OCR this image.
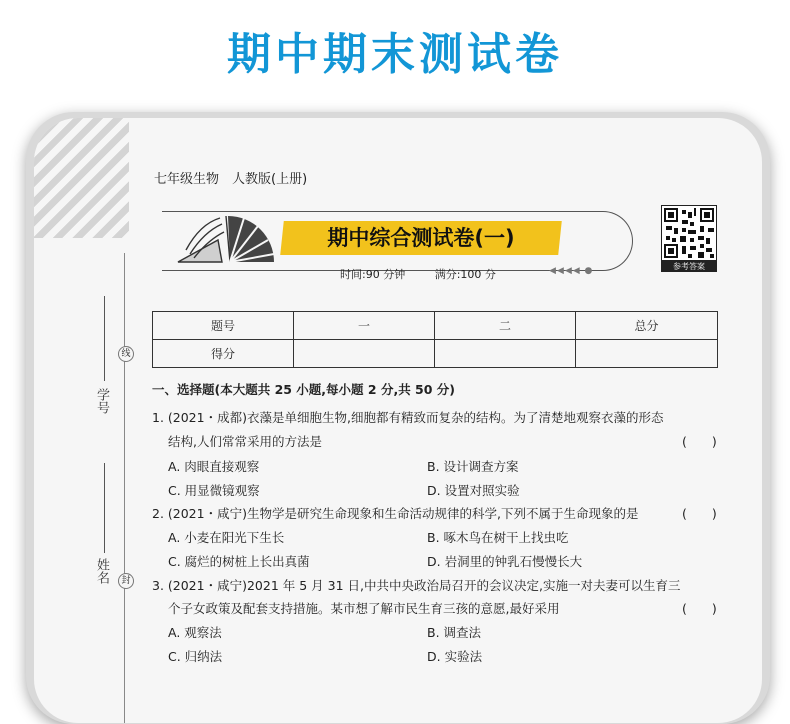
期中期末测试卷
线
封
学号
姓名
七年级生物　人教版(上册)
期中综合测试卷(一)
时间:90 分钟	满分:100 分	◀◀◀◀ ●	参考答案
题号	一	二	总分
得分			
一、选择题(本大题共 25 小题,每小题 2 分,共 50 分)
1. (2021・成都)衣藻是单细胞生物,细胞都有精致而复杂的结构。为了清楚地观察衣藻的形态
结构,人们常常采用的方法是	(　　)
A. 肉眼直接观察	B. 设计调查方案
C. 用显微镜观察	D. 设置对照实验
2. (2021・咸宁)生物学是研究生命现象和生命活动规律的科学,下列不属于生命现象的是	(　　)
A. 小麦在阳光下生长	B. 啄木鸟在树干上找虫吃
C. 腐烂的树桩上长出真菌	D. 岩洞里的钟乳石慢慢长大
3. (2021・咸宁)2021 年 5 月 31 日,中共中央政治局召开的会议决定,实施一对夫妻可以生育三
个子女政策及配套支持措施。某市想了解市民生育三孩的意愿,最好采用	(　　)
A. 观察法	B. 调查法
C. 归纳法	D. 实验法
